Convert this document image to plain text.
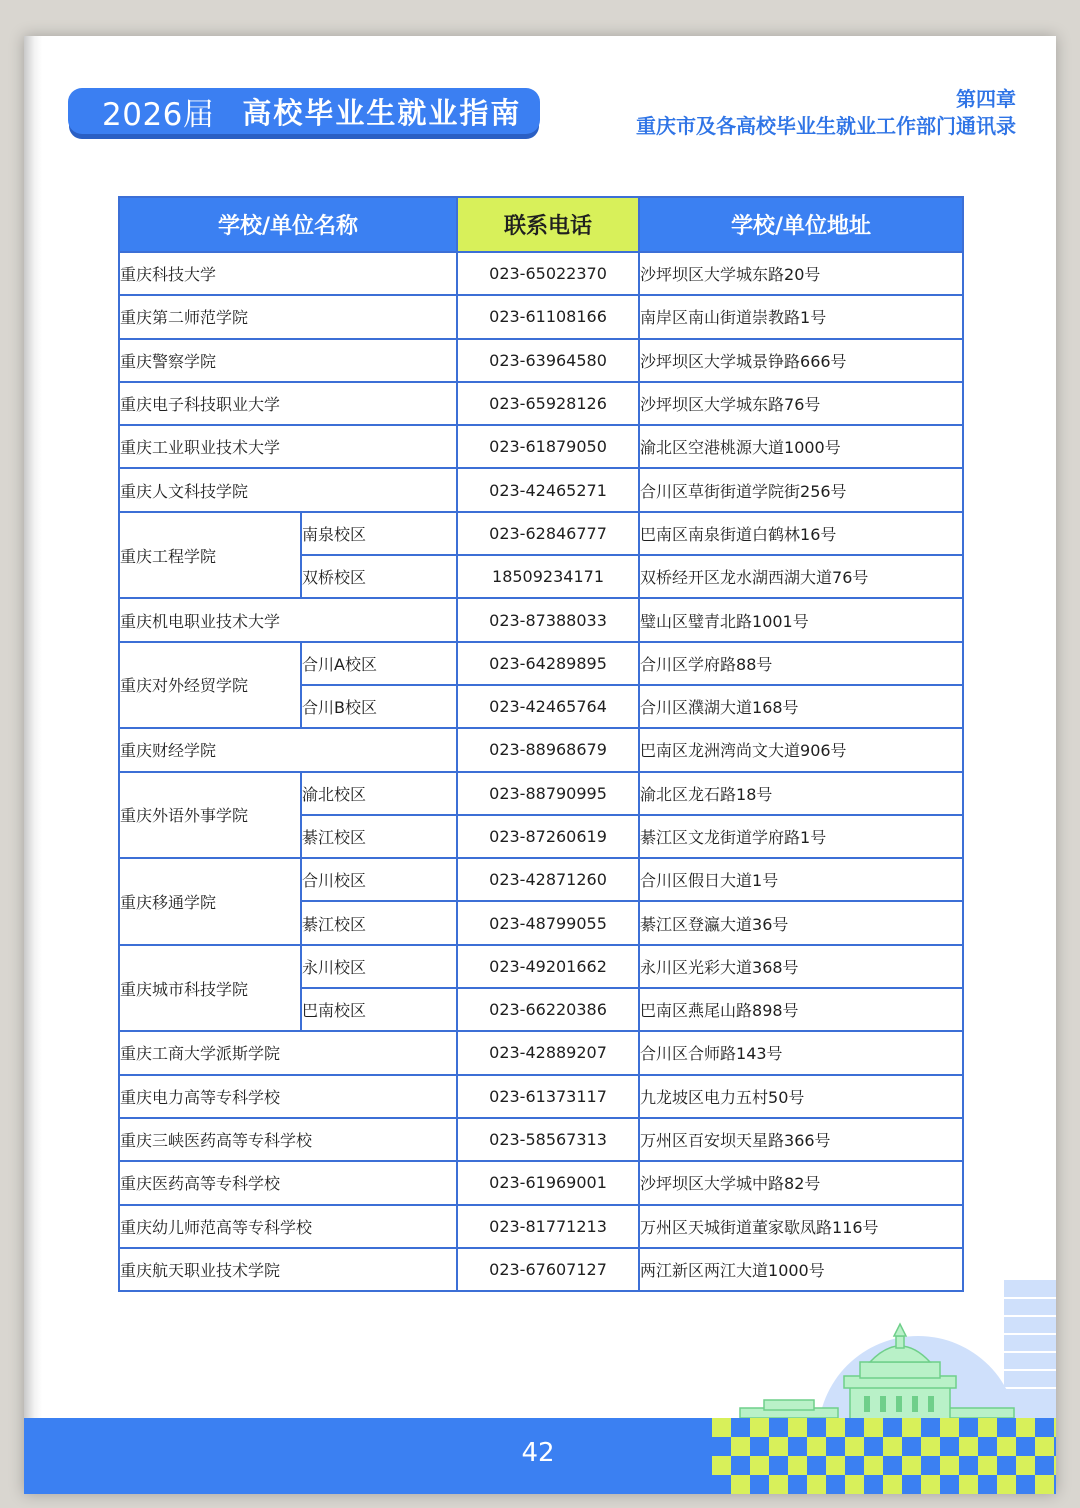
2026届 高校毕业生就业指南	第四章
重庆市及各高校毕业生就业工作部门通讯录
学校/单位名称		联系电话	学校/单位地址
重庆科技大学		023-65022370	沙坪坝区大学城东路20号
重庆第二师范学院		023-61108166	南岸区南山街道崇教路1号
重庆警察学院		023-63964580	沙坪坝区大学城景铮路666号
重庆电子科技职业大学		023-65928126	沙坪坝区大学城东路76号
重庆工业职业技术大学		023-61879050	渝北区空港桃源大道1000号
重庆人文科技学院		023-42465271	合川区草街街道学院街256号
重庆工程学院	南泉校区	023-62846777	巴南区南泉街道白鹤林16号
	双桥校区	18509234171	双桥经开区龙水湖西湖大道76号
重庆机电职业技术大学		023-87388033	璧山区璧青北路1001号
重庆对外经贸学院	合川A校区	023-64289895	合川区学府路88号
	合川B校区	023-42465764	合川区濮湖大道168号
重庆财经学院		023-88968679	巴南区龙洲湾尚文大道906号
重庆外语外事学院	渝北校区	023-88790995	渝北区龙石路18号
	綦江校区	023-87260619	綦江区文龙街道学府路1号
重庆移通学院	合川校区	023-42871260	合川区假日大道1号
	綦江校区	023-48799055	綦江区登瀛大道36号
重庆城市科技学院	永川校区	023-49201662	永川区光彩大道368号
	巴南校区	023-66220386	巴南区燕尾山路898号
重庆工商大学派斯学院		023-42889207	合川区合师路143号
重庆电力高等专科学校		023-61373117	九龙坡区电力五村50号
重庆三峡医药高等专科学校		023-58567313	万州区百安坝天星路366号
重庆医药高等专科学校		023-61969001	沙坪坝区大学城中路82号
重庆幼儿师范高等专科学校		023-81771213	万州区天城街道董家歇凤路116号
重庆航天职业技术学院		023-67607127	两江新区两江大道1000号
42
